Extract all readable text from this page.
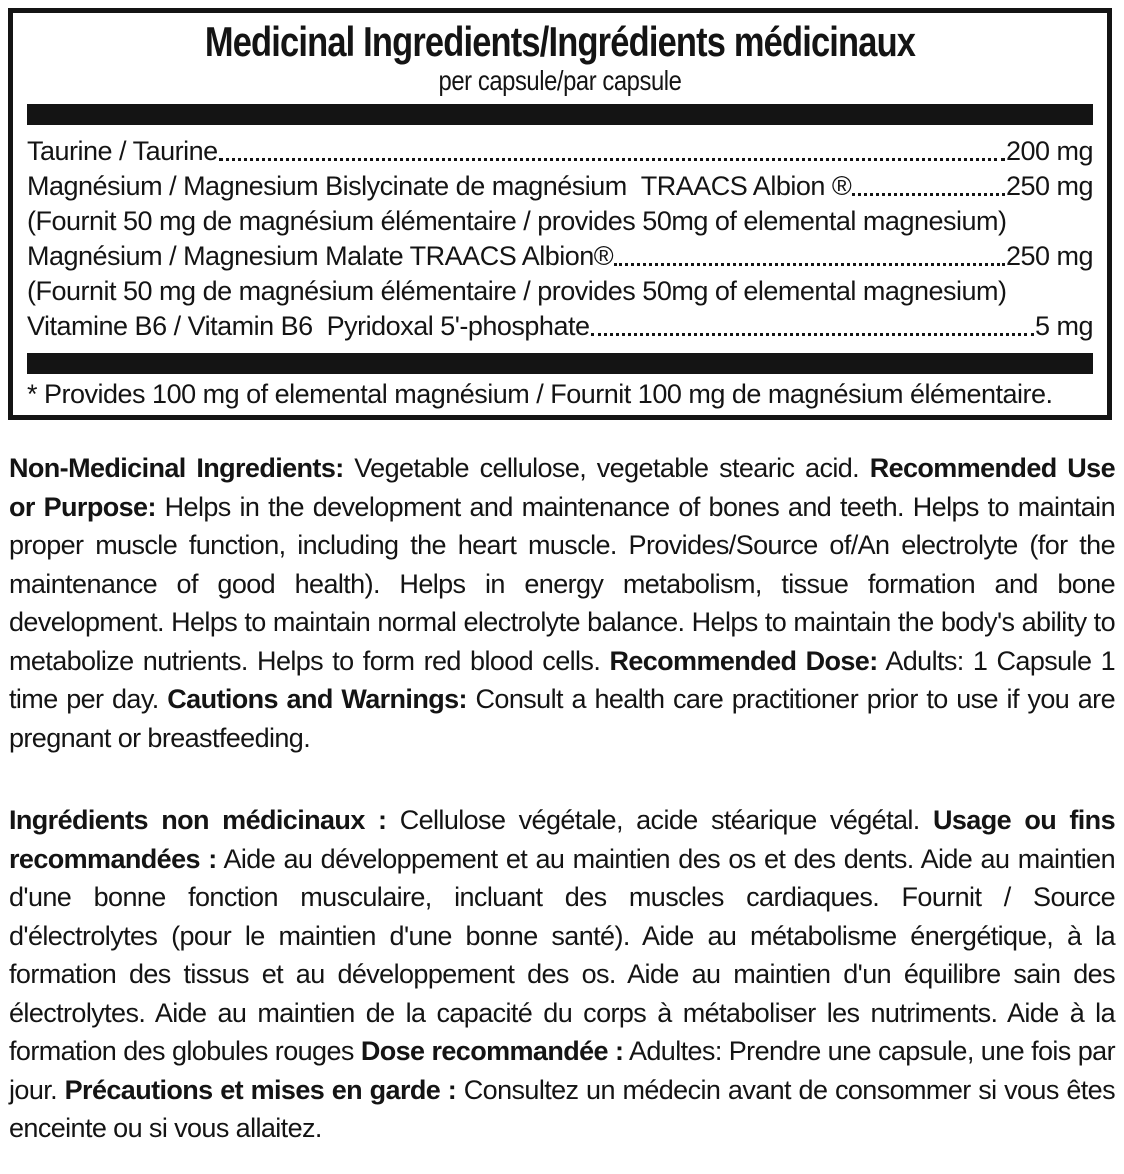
Medicinal Ingredients/Ingrédients médicinaux
per capsule/par capsule
Taurine / Taurine	200 mg
Magnésium / Magnesium Bislycinate de magnésium  TRAACS Albion ®	250 mg
(Fournit 50 mg de magnésium élémentaire / provides 50mg of elemental magnesium)
Magnésium / Magnesium Malate TRAACS Albion®	250 mg
(Fournit 50 mg de magnésium élémentaire / provides 50mg of elemental magnesium)
Vitamine B6 / Vitamin B6  Pyridoxal 5'-phosphate	5 mg
* Provides 100 mg of elemental magnésium / Fournit 100 mg de magnésium élémentaire.
Non-Medicinal Ingredients: Vegetable cellulose, vegetable stearic acid. Recommended Use or Purpose: Helps in the development and maintenance of bones and teeth. Helps to maintain proper muscle function, including the heart muscle. Provides/Source of/An electrolyte (for the maintenance of good health). Helps in energy metabolism, tissue formation and bone development. Helps to maintain normal electrolyte balance. Helps to maintain the body's ability to metabolize nutrients. Helps to form red blood cells. Recommended Dose: Adults: 1 Capsule 1 time per day. Cautions and Warnings: Consult a health care practitioner prior to use if you are pregnant or breastfeeding.
Ingrédients non médicinaux : Cellulose végétale, acide stéarique végétal. Usage ou fins recommandées : Aide au développement et au maintien des os et des dents. Aide au maintien d'une bonne fonction musculaire, incluant des muscles cardiaques. Fournit / Source d'électrolytes (pour le maintien d'une bonne santé). Aide au métabolisme énergétique, à la formation des tissus et au développement des os. Aide au maintien d'un équilibre sain des électrolytes. Aide au maintien de la capacité du corps à métaboliser les nutriments. Aide à la formation des globules rouges Dose recommandée : Adultes: Prendre une capsule, une fois par jour. Précautions et mises en garde : Consultez un médecin avant de consommer si vous êtes enceinte ou si vous allaitez.
